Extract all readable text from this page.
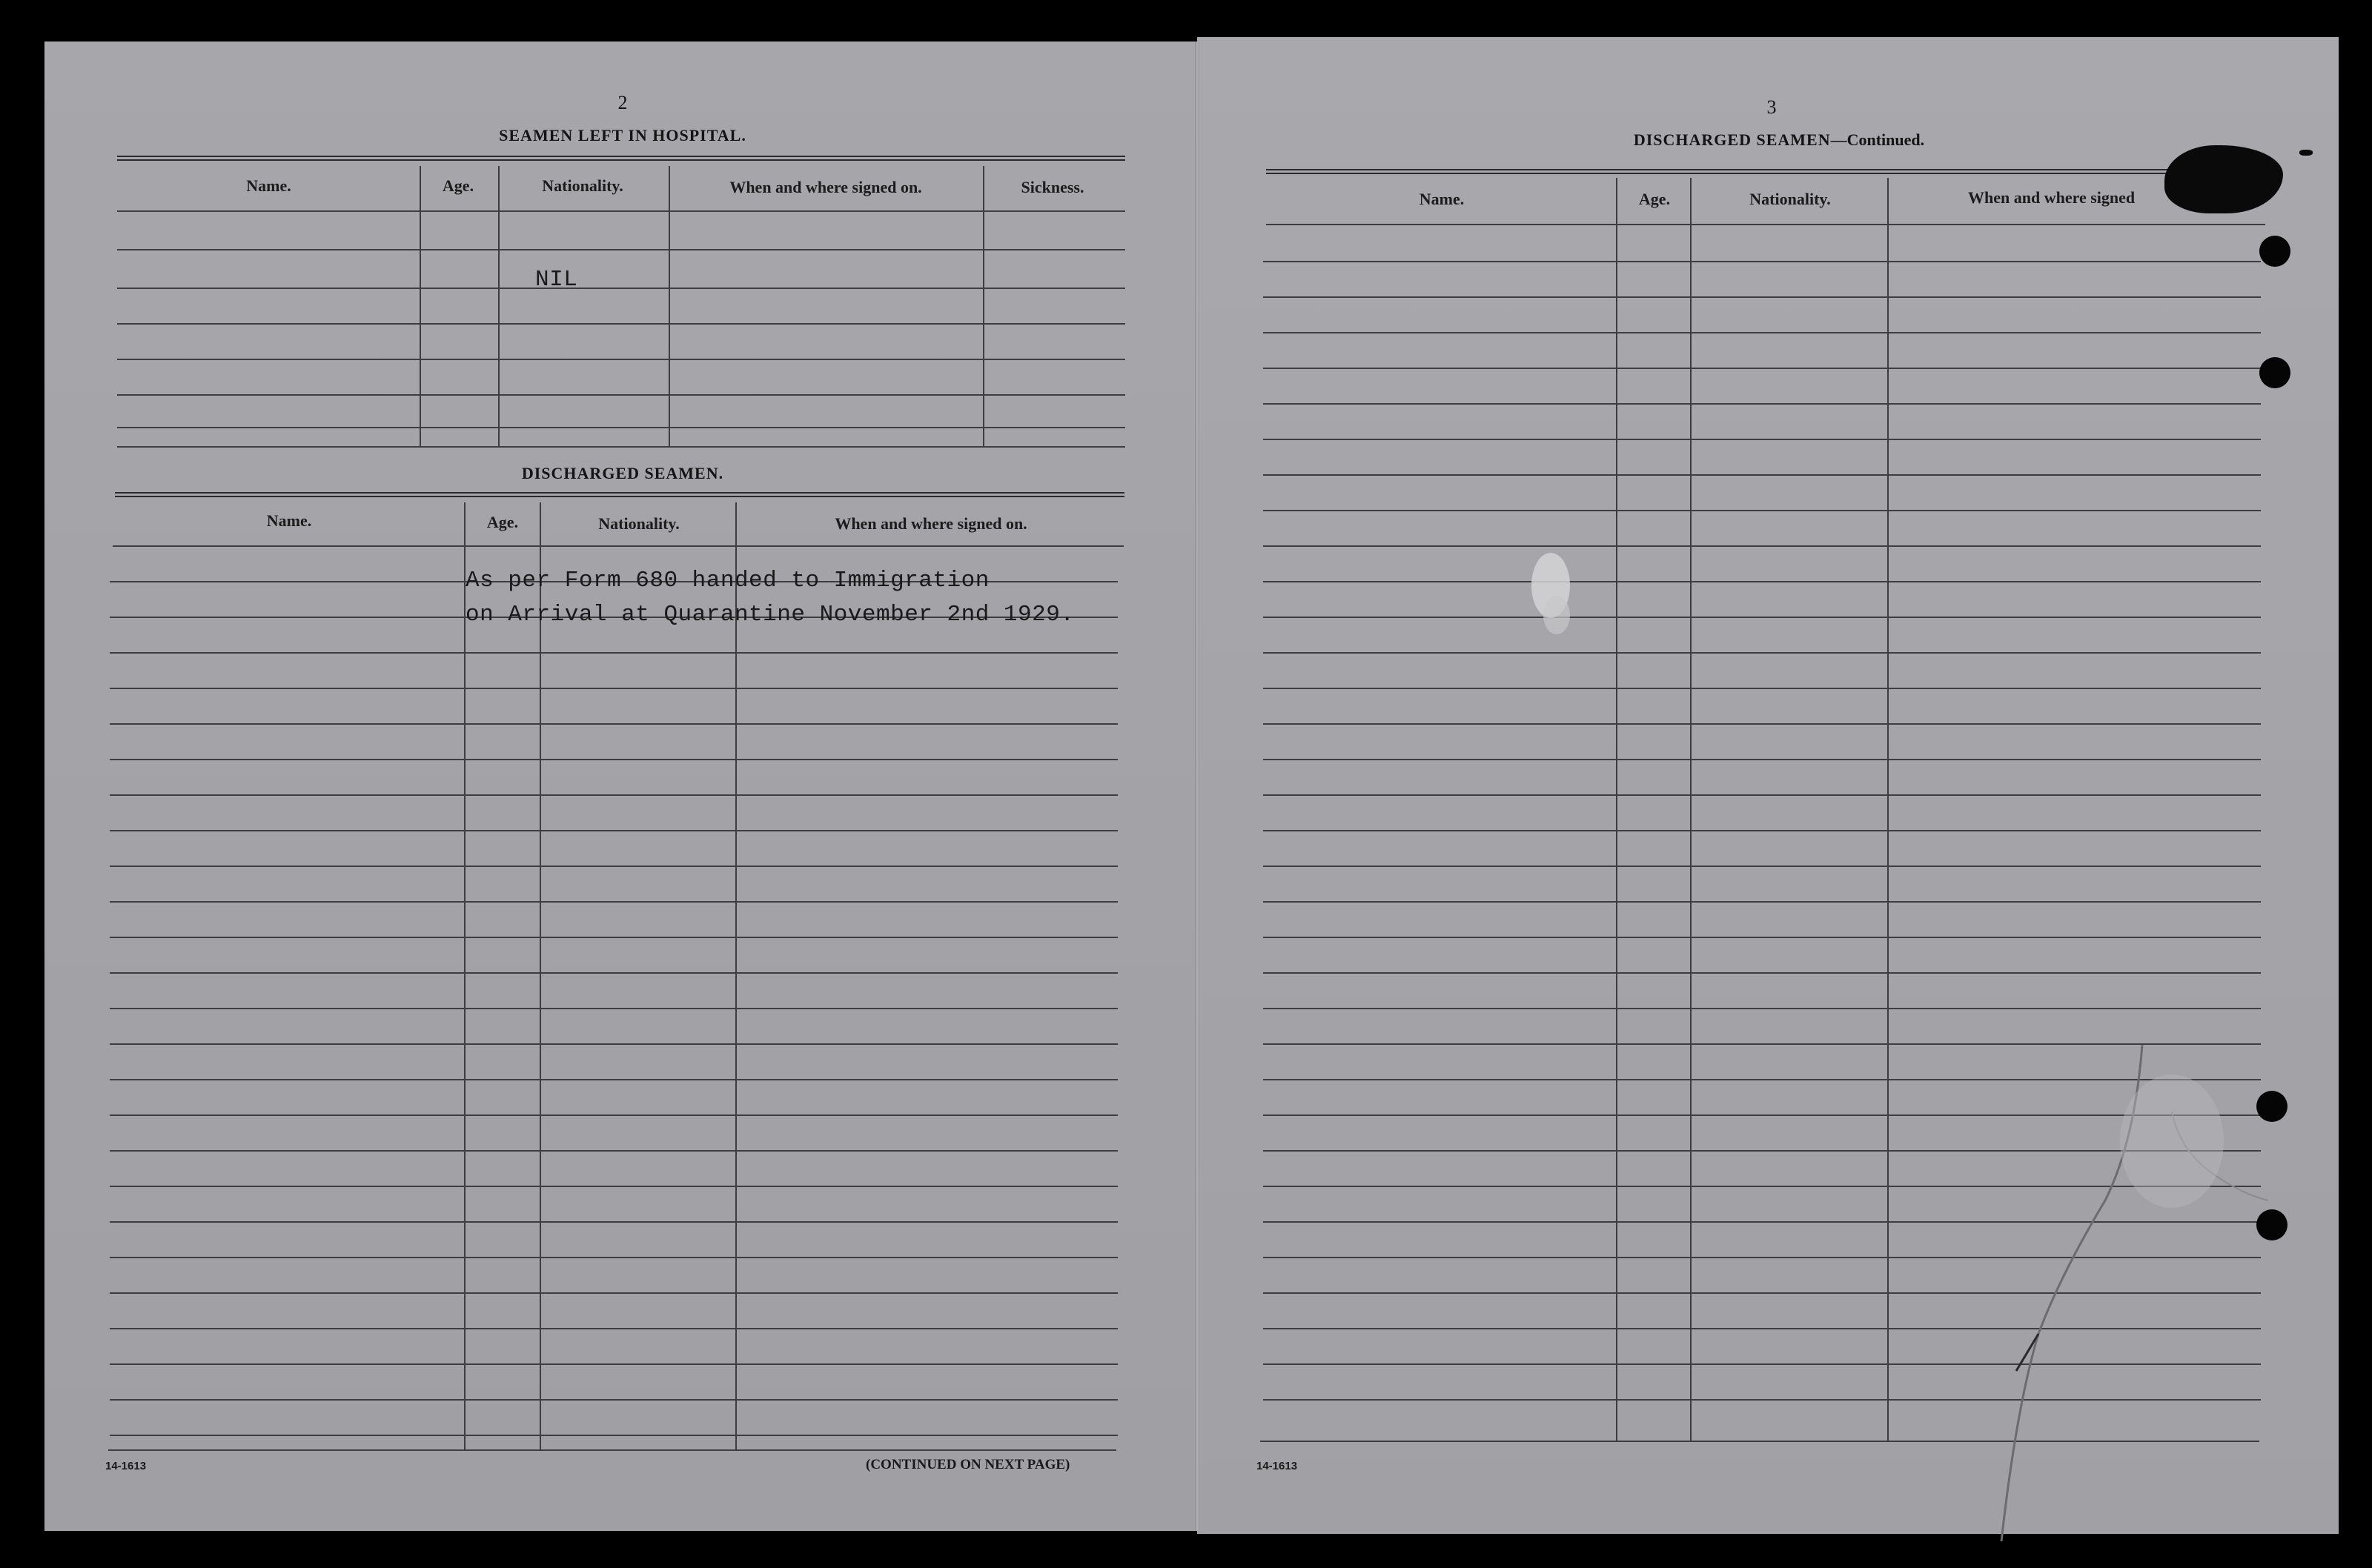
2
SEAMEN LEFT IN HOSPITAL.
Name.	Age.	Nationality.	When and where signed on.	Sickness.
NIL
DISCHARGED SEAMEN.
Name.	Age.	Nationality.	When and where signed on.
As per Form 680 handed to Immigration
on Arrival at Quarantine November 2nd 1929.
14-1613	(CONTINUED ON NEXT PAGE)
3
DISCHARGED SEAMEN—Continued.
Name.	Age.	Nationality.	When and where signed
14-1613
